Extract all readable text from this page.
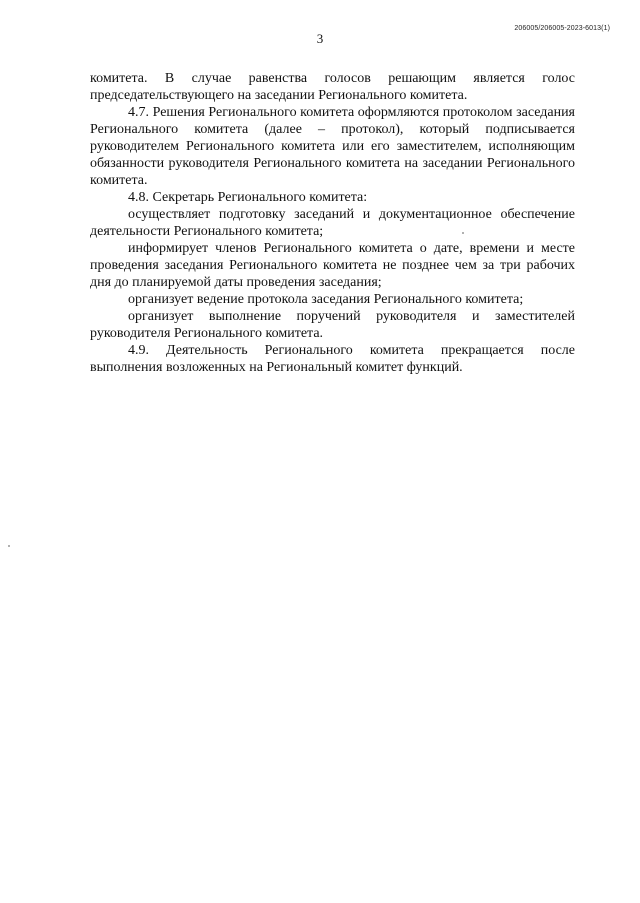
206005/206005-2023-6013(1)
3

комитета. В случае равенства голосов решающим является голос председательствующего на заседании Регионального комитета.

4.7. Решения Регионального комитета оформляются протоколом заседания Регионального комитета (далее – протокол), который подписывается руководителем Регионального комитета или его заместителем, исполняющим обязанности руководителя Регионального комитета на заседании Регионального комитета.

4.8. Секретарь Регионального комитета:

осуществляет подготовку заседаний и документационное обеспечение деятельности Регионального комитета;

информирует членов Регионального комитета о дате, времени и месте проведения заседания Регионального комитета не позднее чем за три рабочих дня до планируемой даты проведения заседания;

организует ведение протокола заседания Регионального комитета;

организует выполнение поручений руководителя и заместителей руководителя Регионального комитета.

4.9. Деятельность Регионального комитета прекращается после выполнения возложенных на Региональный комитет функций.
